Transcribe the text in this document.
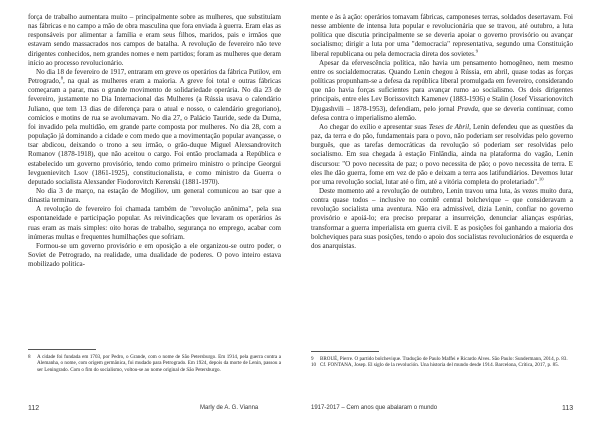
força de trabalho aumentara muito – principalmente sobre as mulheres, que substituíam nas fábricas e no campo a mão de obra masculina que fora enviada à guerra. Eram elas as responsáveis por alimentar a família e eram seus filhos, maridos, pais e irmãos que estavam sendo massacrados nos campos de batalha. A revolução de fevereiro não teve dirigentes conhecidos, nem grandes nomes e nem partidos; foram as mulheres que deram início ao processo revolucionário.

No dia 18 de fevereiro de 1917, entraram em greve os operários da fábrica Putilov, em Petrogrado,$^8$, na qual as mulheres eram a maioria. A greve foi total e outras fábricas começaram a parar, mas o grande movimento de solidariedade operária. No dia 23 de fevereiro, justamente no Dia Internacional das Mulheres (a Rússia usava o calendário Juliano, que tem 13 dias de diferença para o atual e nosso, o calendário gregoriano), comícios e motins de rua se avolumavam. No dia 27, o Palácio Tauride, sede da Duma, foi invadido pela multidão, em grande parte composta por mulheres. No dia 28, com a população já dominando a cidade e com medo que a movimentação popular avançasse, o tsar abdicou, deixando o trono a seu irmão, o grão-duque Miguel Alexsandrovitch Romanov (1878-1918), que não aceitou o cargo. Foi então proclamada a República e estabelecido um governo provisório, tendo como primeiro ministro o príncipe Georgui Ievguenievitch Lsov (1861-1925), constitucionalista, e como ministro da Guerra o deputado socialista Alexsander Fiodorovitch Kerenski (1881-1970).

No dia 3 de março, na estação de Mogiliov, um general comunicou ao tsar que a dinastia terminara.

A revolução de fevereiro foi chamada também de "revolução anônima", pela sua espontaneidade e participação popular. As reivindicações que levaram os operários às ruas eram as mais simples: oito horas de trabalho, segurança no emprego, acabar com inúmeras multas e frequentes humilhações que sofriam.

Formou-se um governo provisório e em oposição a ele organizou-se outro poder, o Soviet de Petrogrado, na realidade, uma dualidade de poderes. O povo inteiro estava mobilizado politica-

8	A cidade foi fundada em 1703, por Pedro, o Grande, com o nome de São Petersburgo. Em 1914, pela guerra contra a Alemanha, o nome, com origem germânica, foi mudado para Petrogrado. Em 1924, depois da morte de Lenin, passou a ser Leningrado. Com o fim do socialismo, voltou-se ao nome original de São Petersburgo.
112	Marly de A. G. Vianna

mente e às à ação: operários tomavam fábricas, camponeses terras, soldados desertavam. Foi nesse ambiente de intensa luta popular e revolucionária que se travou, até outubro, a luta política que discutia principalmente se se deveria apoiar o governo provisório ou avançar socialismo; dirigir a luta por uma "democracia" representativa, segundo uma Constituição liberal republicana ou pela democracia direta dos sovietes.$^9$

Apesar da efervescência política, não havia um pensamento homogêneo, nem mesmo entre os socialdemocratas. Quando Lenin chegou à Rússia, em abril, quase todas as forças políticas propunham-se a defesa da república liberal promulgada em fevereiro, considerando que não havia forças suficientes para avançar rumo ao socialismo. Os dois dirigentes principais, entre eles Lev Borissovitch Kamenev (1883-1936) e Stalin (Josef Vissarionovitch Djugashvili – 1878-1953), defendiam, pelo jornal Pravda, que se deveria continuar, como defesa contra o imperialismo alemão.

Ao chegar do exílio e apresentar suas Teses de Abril, Lenin defendeu que as questões da paz, da terra e do pão, fundamentais para o povo, não poderiam ser resolvidas pelo governo burguês, que as tarefas democráticas da revolução só poderiam ser resolvidas pelo socialismo. Em sua chegada à estação Finlândia, ainda na plataforma do vagão, Lenin discursou: "O povo necessita de paz; o povo necessita de pão; o povo necessita de terra. E eles lhe dão guerra, fome em vez de pão e deixam a terra aos latifundiários. Devemos lutar por uma revolução social, lutar até o fim, até a vitória completa do proletariado".$^{10}$

Deste momento até a revolução de outubro, Lenin travou uma luta, às vezes muito dura, contra quase todos – inclusive no comitê central bolchevique – que consideravam a revolução socialista uma aventura. Não era admissível, dizia Lenin, confiar no governo provisório e apoiá-lo; era preciso preparar a insurreição, denunciar alianças espúrias, transformar a guerra imperialista em guerra civil. E as posições foi ganhando a maioria dos bolcheviques para suas posições, tendo o apoio dos socialistas revolucionários de esquerda e dos anarquistas.

9	BROUÉ, Pierre. O partido bolchevique. Tradução de Paulo Maffei e Ricardo Alves. São Paulo: Sundermann, 2014, p. 83.
10 Cf. FONTANA, Josep. El siglo de la revolución. Una historia del mundo desde 1914. Barcelona, Crítica, 2017, p. 85.
1917-2017 – Cem anos que abalaram o mundo	113
